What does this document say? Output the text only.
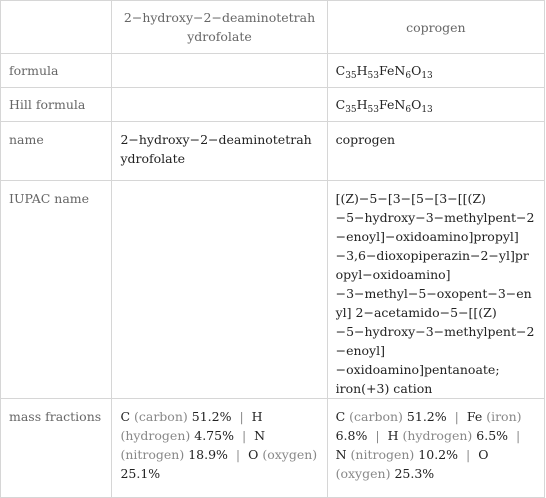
	2−hydroxy−2−deaminotetrahydrofolate	coprogen
formula		$C_{35}H_{53}FeN_6O_{13}$
Hill formula		$C_{35}H_{53}FeN_6O_{13}$
name	2−hydroxy−2−deaminotetrahydrofolate	coprogen
IUPAC name		[(Z)−5−[3−[5−[3−[[(Z)−5−hydroxy−3−methylpent−2−enoyl]−oxidoamino]propyl]−3,6−dioxopiperazin−2−yl]propyl−oxidoamino]−3−methyl−5−oxopent−3−enyl] 2−acetamido−5−[[(Z)−5−hydroxy−3−methylpent−2−enoyl]−oxidoamino]pentanoate; iron(+3) cation
mass fractions	C (carbon) 51.2% | H (hydrogen) 4.75% | N (nitrogen) 18.9% | O (oxygen) 25.1%	C (carbon) 51.2% | Fe (iron) 6.8% | H (hydrogen) 6.5% | N (nitrogen) 10.2% | O (oxygen) 25.3%
